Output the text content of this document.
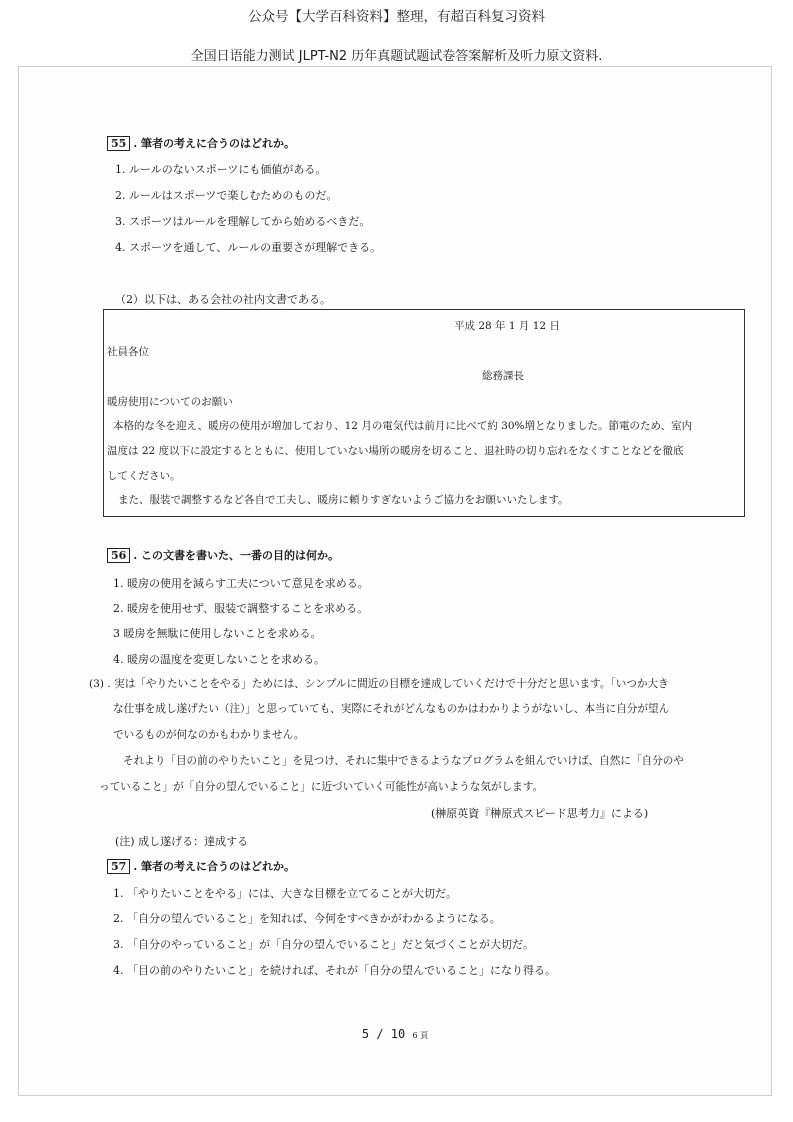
公众号【大学百科资料】整理，有超百科复习资料
全国日语能力测试 JLPT-N2 历年真题试题试卷答案解析及听力原文资料.
55 . 筆者の考えに合うのはどれか。
1. ルールのないスポーツにも価値がある。
2. ルールはスポーツで楽しむためのものだ。
3. スポーツはルールを理解してから始めるべきだ。
4. スポーツを通して、ルールの重要さが理解できる。
（2）以下は、ある会社の社内文書である。
平成 28 年 1 月 12 日
社員各位
総務課長
暖房使用についてのお願い
本格的な冬を迎え、暖房の使用が増加しており、12 月の電気代は前月に比べて約 30%増となりました。節電のため、室内
温度は 22 度以下に設定するとともに、使用していない場所の暖房を切ること、退社時の切り忘れをなくすことなどを徹底
してください。
また、服装で調整するなど各自で工夫し、暖房に頼りすぎないようご協力をお願いいたします。
56 . この文書を書いた、一番の目的は何か。
1. 暖房の使用を減らす工夫について意見を求める。
2. 暖房を使用せず、服装で調整することを求める。
3 暖房を無駄に使用しないことを求める。
4. 暖房の温度を変更しないことを求める。
(3) . 実は「やりたいことをやる」ためには、シンプルに間近の目標を達成していくだけで十分だと思います。「いつか大き
な仕事を成し遂げたい（注）」と思っていても、実際にそれがどんなものかはわかりようがないし、本当に自分が望ん
でいるものが何なのかもわかりません。
それより「目の前のやりたいこと」を見つけ、それに集中できるようなプログラムを組んでいけば、自然に「自分のや
っていること」が「自分の望んでいること」に近づいていく可能性が高いような気がします。
(榊原英資『榊原式スピード思考力』による)
(注) 成し遂げる：達成する
57 . 筆者の考えに合うのはどれか。
1. 「やりたいことをやる」には、大きな目標を立てることが大切だ。
2. 「自分の望んでいること」を知れば、今何をすべきかがわかるようになる。
3. 「自分のやっていること」が「自分の望んでいること」だと気づくことが大切だ。
4. 「目の前のやりたいこと」を続ければ、それが「自分の望んでいること」になり得る。
5 / 10 6 頁
